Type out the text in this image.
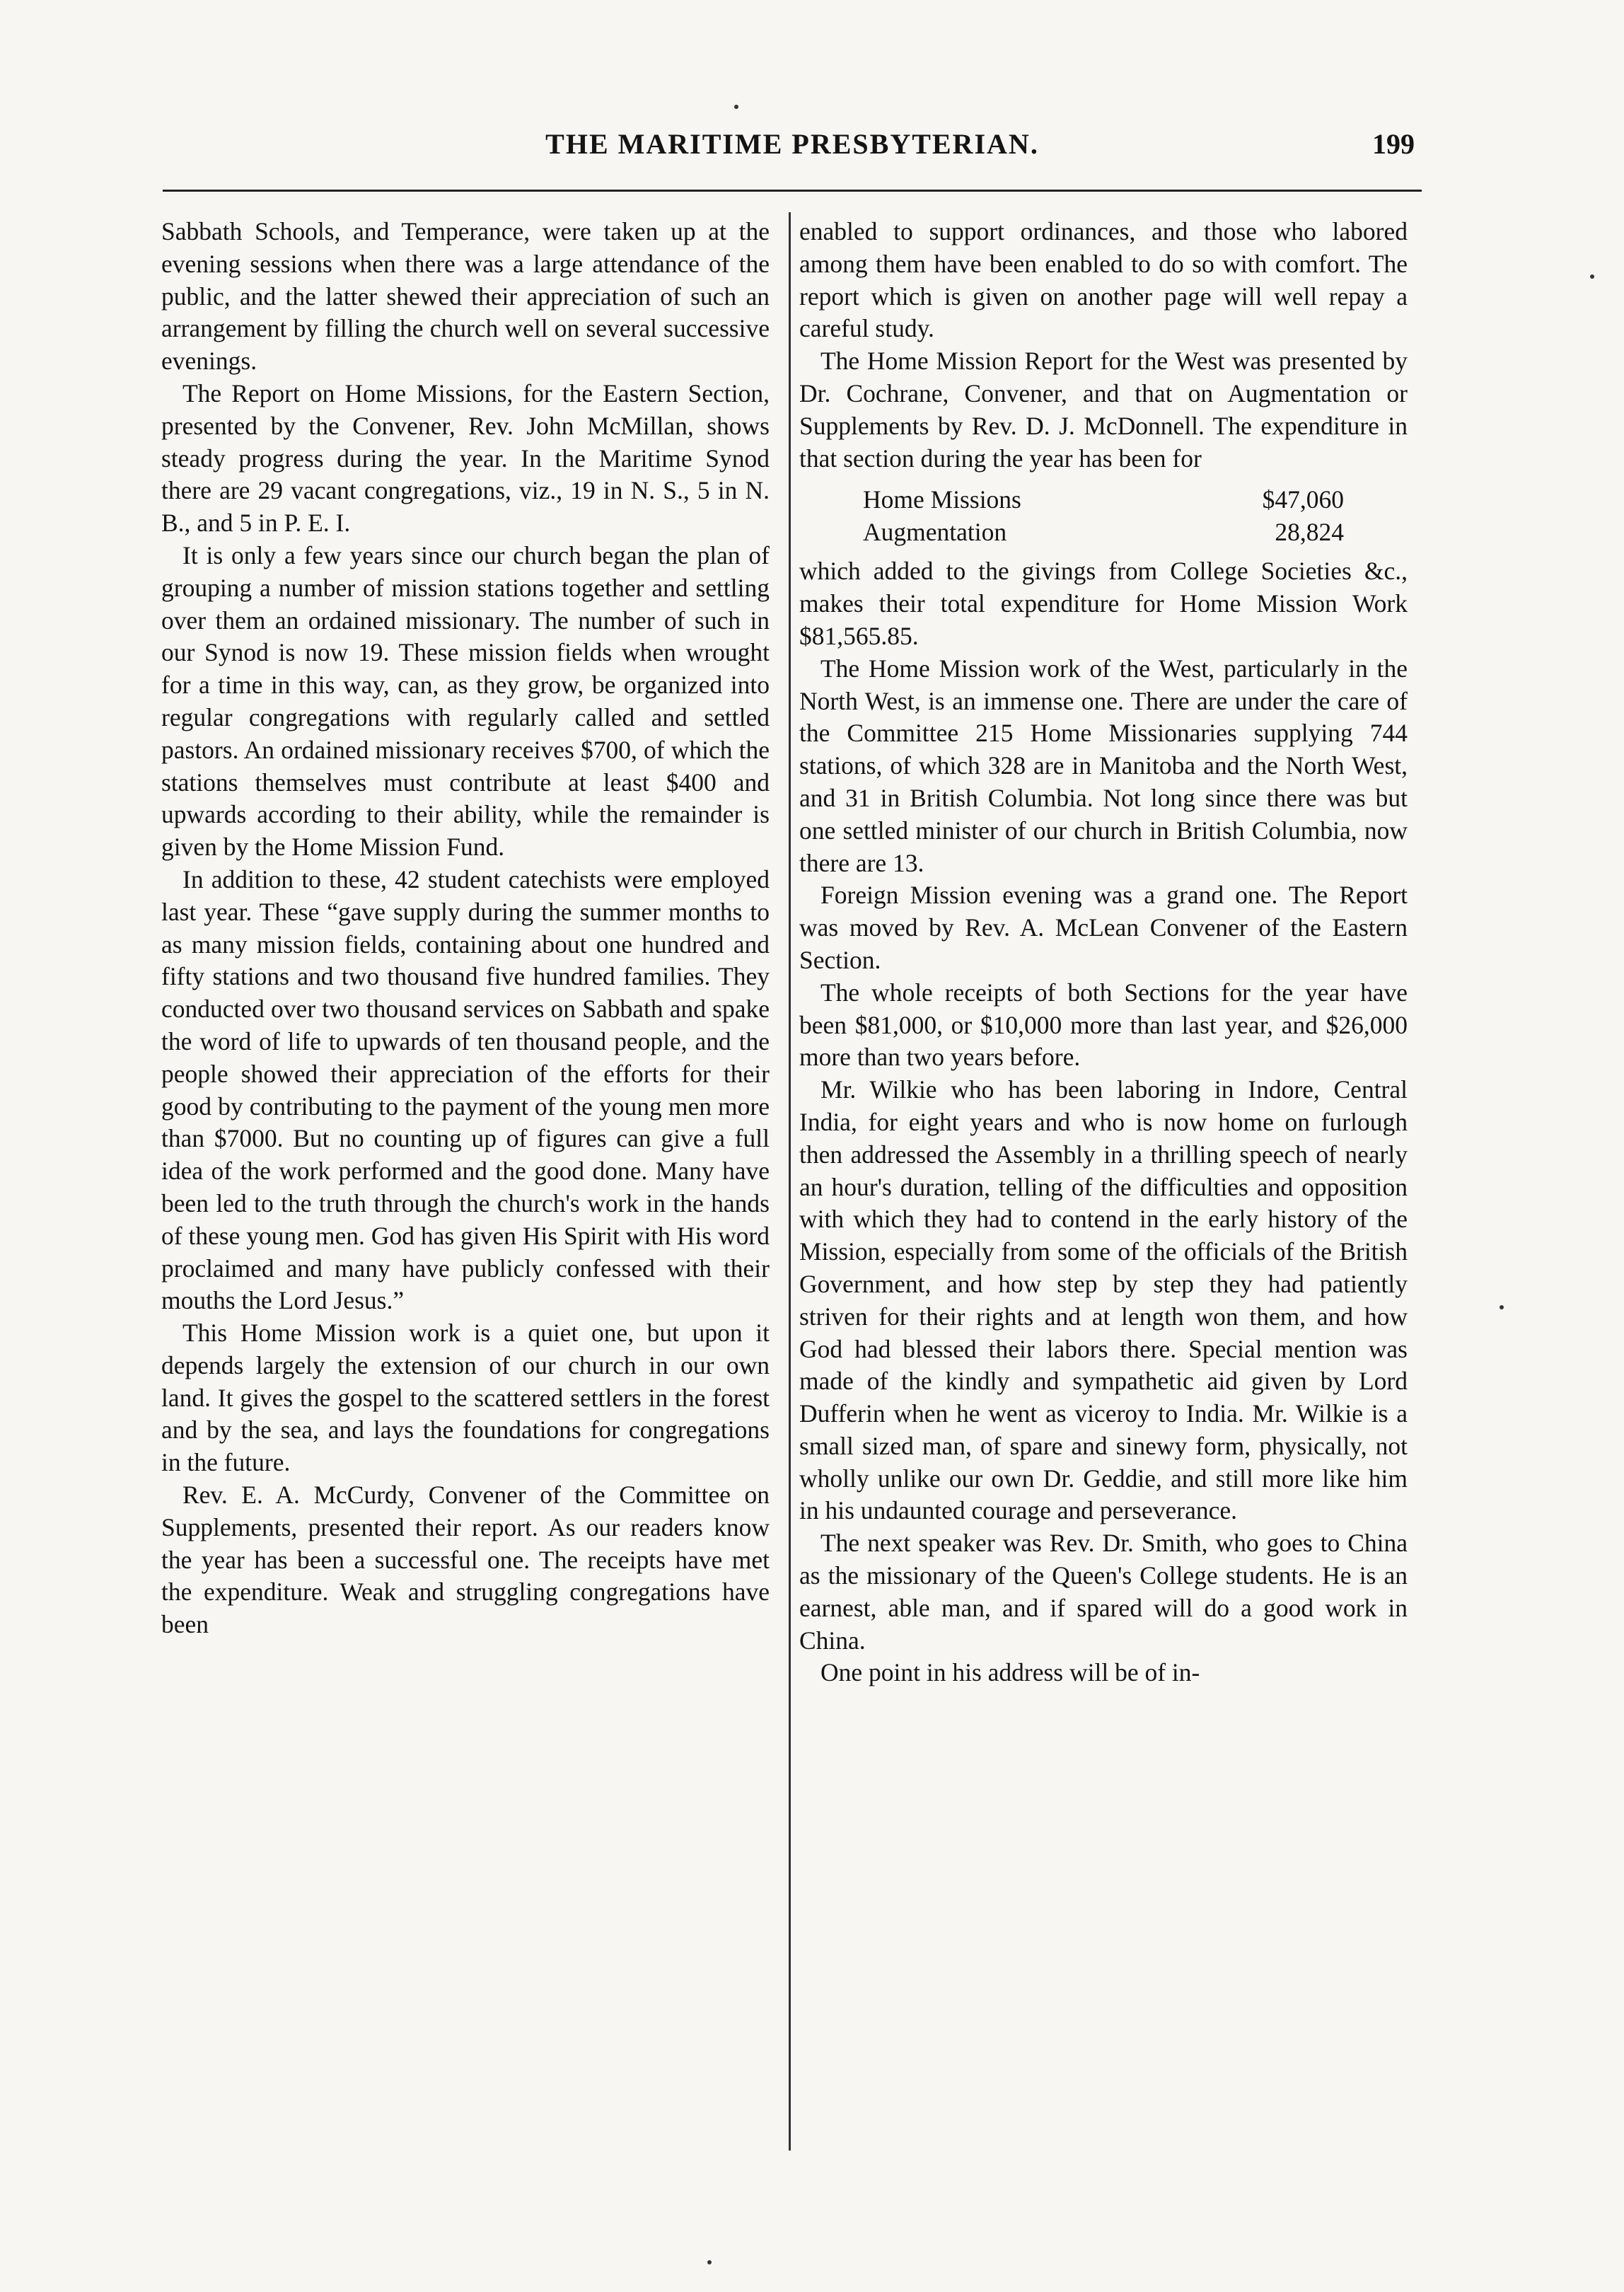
THE MARITIME PRESBYTERIAN.	199

Sabbath Schools, and Temperance, were taken up at the evening sessions when there was a large attendance of the public, and the latter shewed their appreciation of such an arrangement by filling the church well on several successive evenings.

The Report on Home Missions, for the Eastern Section, presented by the Convener, Rev. John McMillan, shows steady progress during the year. In the Maritime Synod there are 29 vacant congregations, viz., 19 in N. S., 5 in N. B., and 5 in P. E. I.

It is only a few years since our church began the plan of grouping a number of mission stations together and settling over them an ordained missionary. The number of such in our Synod is now 19. These mission fields when wrought for a time in this way, can, as they grow, be organized into regular congregations with regularly called and settled pastors. An ordained missionary receives $700, of which the stations themselves must contribute at least $400 and upwards according to their ability, while the remainder is given by the Home Mission Fund.

In addition to these, 42 student catechists were employed last year. These “gave supply during the summer months to as many mission fields, containing about one hundred and fifty stations and two thousand five hundred families. They conducted over two thousand services on Sabbath and spake the word of life to upwards of ten thousand people, and the people showed their appreciation of the efforts for their good by contributing to the payment of the young men more than $7000. But no counting up of figures can give a full idea of the work performed and the good done. Many have been led to the truth through the church's work in the hands of these young men. God has given His Spirit with His word proclaimed and many have publicly confessed with their mouths the Lord Jesus.”

This Home Mission work is a quiet one, but upon it depends largely the extension of our church in our own land. It gives the gospel to the scattered settlers in the forest and by the sea, and lays the foundations for congregations in the future.

Rev. E. A. McCurdy, Convener of the Committee on Supplements, presented their report. As our readers know the year has been a successful one. The receipts have met the expenditure. Weak and struggling congregations have been

enabled to support ordinances, and those who labored among them have been enabled to do so with comfort. The report which is given on another page will well repay a careful study.

The Home Mission Report for the West was presented by Dr. Cochrane, Convener, and that on Augmentation or Supplements by Rev. D. J. McDonnell. The expenditure in that section during the year has been for

Home Missions	$47,060
Augmentation	28,824

which added to the givings from College Societies &c., makes their total expenditure for Home Mission Work $81,565.85.

The Home Mission work of the West, particularly in the North West, is an immense one. There are under the care of the Committee 215 Home Missionaries supplying 744 stations, of which 328 are in Manitoba and the North West, and 31 in British Columbia. Not long since there was but one settled minister of our church in British Columbia, now there are 13.

Foreign Mission evening was a grand one. The Report was moved by Rev. A. McLean Convener of the Eastern Section.

The whole receipts of both Sections for the year have been $81,000, or $10,000 more than last year, and $26,000 more than two years before.

Mr. Wilkie who has been laboring in Indore, Central India, for eight years and who is now home on furlough then addressed the Assembly in a thrilling speech of nearly an hour's duration, telling of the difficulties and opposition with which they had to contend in the early history of the Mission, especially from some of the officials of the British Government, and how step by step they had patiently striven for their rights and at length won them, and how God had blessed their labors there. Special mention was made of the kindly and sympathetic aid given by Lord Dufferin when he went as viceroy to India. Mr. Wilkie is a small sized man, of spare and sinewy form, physically, not wholly unlike our own Dr. Geddie, and still more like him in his undaunted courage and perseverance.

The next speaker was Rev. Dr. Smith, who goes to China as the missionary of the Queen's College students. He is an earnest, able man, and if spared will do a good work in China.

One point in his address will be of in-
